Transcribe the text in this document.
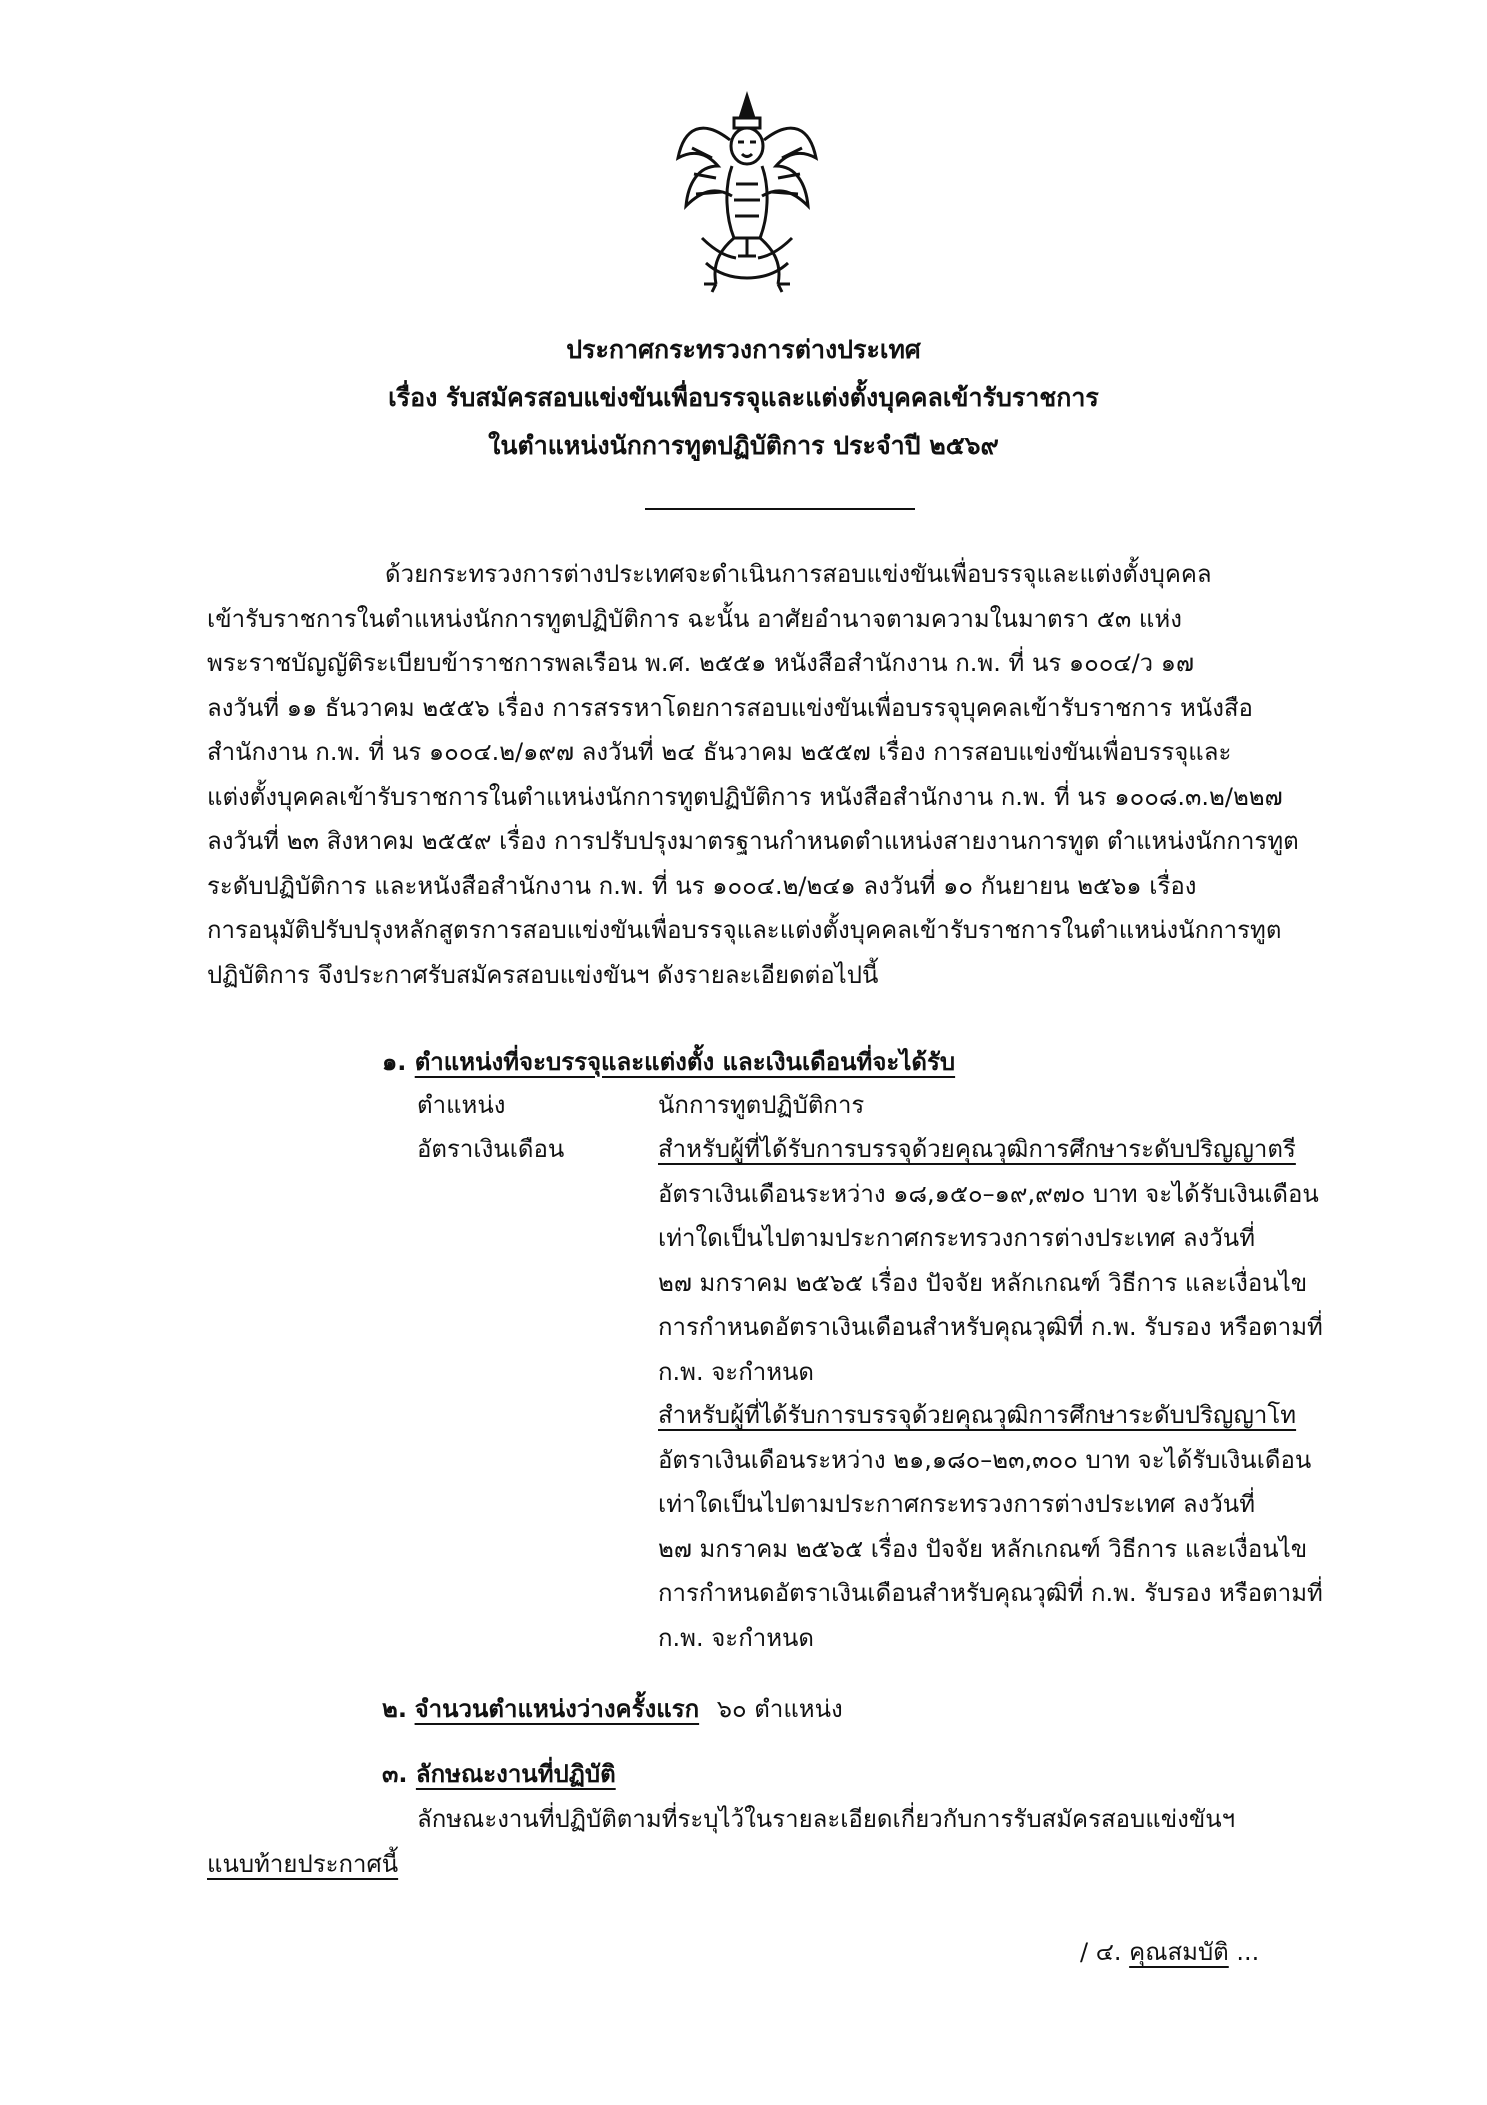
ประกาศกระทรวงการต่างประเทศ
เรื่อง รับสมัครสอบแข่งขันเพื่อบรรจุและแต่งตั้งบุคคลเข้ารับราชการ
ในตำแหน่งนักการทูตปฏิบัติการ ประจำปี ๒๕๖๙
ด้วยกระทรวงการต่างประเทศจะดำเนินการสอบแข่งขันเพื่อบรรจุและแต่งตั้งบุคคล
เข้ารับราชการในตำแหน่งนักการทูตปฏิบัติการ ฉะนั้น อาศัยอำนาจตามความในมาตรา ๕๓ แห่ง
พระราชบัญญัติระเบียบข้าราชการพลเรือน พ.ศ. ๒๕๕๑ หนังสือสำนักงาน ก.พ. ที่ นร ๑๐๐๔/ว ๑๗
ลงวันที่ ๑๑ ธันวาคม ๒๕๕๖ เรื่อง การสรรหาโดยการสอบแข่งขันเพื่อบรรจุบุคคลเข้ารับราชการ หนังสือ
สำนักงาน ก.พ. ที่ นร ๑๐๐๔.๒/๑๙๗ ลงวันที่ ๒๔ ธันวาคม ๒๕๕๗ เรื่อง การสอบแข่งขันเพื่อบรรจุและ
แต่งตั้งบุคคลเข้ารับราชการในตำแหน่งนักการทูตปฏิบัติการ หนังสือสำนักงาน ก.พ. ที่ นร ๑๐๐๘.๓.๒/๒๒๗
ลงวันที่ ๒๓ สิงหาคม ๒๕๕๙ เรื่อง การปรับปรุงมาตรฐานกำหนดตำแหน่งสายงานการทูต ตำแหน่งนักการทูต
ระดับปฏิบัติการ และหนังสือสำนักงาน ก.พ. ที่ นร ๑๐๐๔.๒/๒๔๑ ลงวันที่ ๑๐ กันยายน ๒๕๖๑ เรื่อง
การอนุมัติปรับปรุงหลักสูตรการสอบแข่งขันเพื่อบรรจุและแต่งตั้งบุคคลเข้ารับราชการในตำแหน่งนักการทูต
ปฏิบัติการ จึงประกาศรับสมัครสอบแข่งขันฯ ดังรายละเอียดต่อไปนี้
๑. ตำแหน่งที่จะบรรจุและแต่งตั้ง และเงินเดือนที่จะได้รับ
ตำแหน่ง	นักการทูตปฏิบัติการ
อัตราเงินเดือน	สำหรับผู้ที่ได้รับการบรรจุด้วยคุณวุฒิการศึกษาระดับปริญญาตรี
อัตราเงินเดือนระหว่าง ๑๘,๑๕๐–๑๙,๙๗๐ บาท จะได้รับเงินเดือน
เท่าใดเป็นไปตามประกาศกระทรวงการต่างประเทศ ลงวันที่
๒๗ มกราคม ๒๕๖๕ เรื่อง ปัจจัย หลักเกณฑ์ วิธีการ และเงื่อนไข
การกำหนดอัตราเงินเดือนสำหรับคุณวุฒิที่ ก.พ. รับรอง หรือตามที่
ก.พ. จะกำหนด
สำหรับผู้ที่ได้รับการบรรจุด้วยคุณวุฒิการศึกษาระดับปริญญาโท
อัตราเงินเดือนระหว่าง ๒๑,๑๘๐–๒๓,๓๐๐ บาท จะได้รับเงินเดือน
เท่าใดเป็นไปตามประกาศกระทรวงการต่างประเทศ ลงวันที่
๒๗ มกราคม ๒๕๖๕ เรื่อง ปัจจัย หลักเกณฑ์ วิธีการ และเงื่อนไข
การกำหนดอัตราเงินเดือนสำหรับคุณวุฒิที่ ก.พ. รับรอง หรือตามที่
ก.พ. จะกำหนด
๒. จำนวนตำแหน่งว่างครั้งแรก ๖๐ ตำแหน่ง
๓. ลักษณะงานที่ปฏิบัติ
ลักษณะงานที่ปฏิบัติตามที่ระบุไว้ในรายละเอียดเกี่ยวกับการรับสมัครสอบแข่งขันฯ
แนบท้ายประกาศนี้
/ ๔. คุณสมบัติ ...
